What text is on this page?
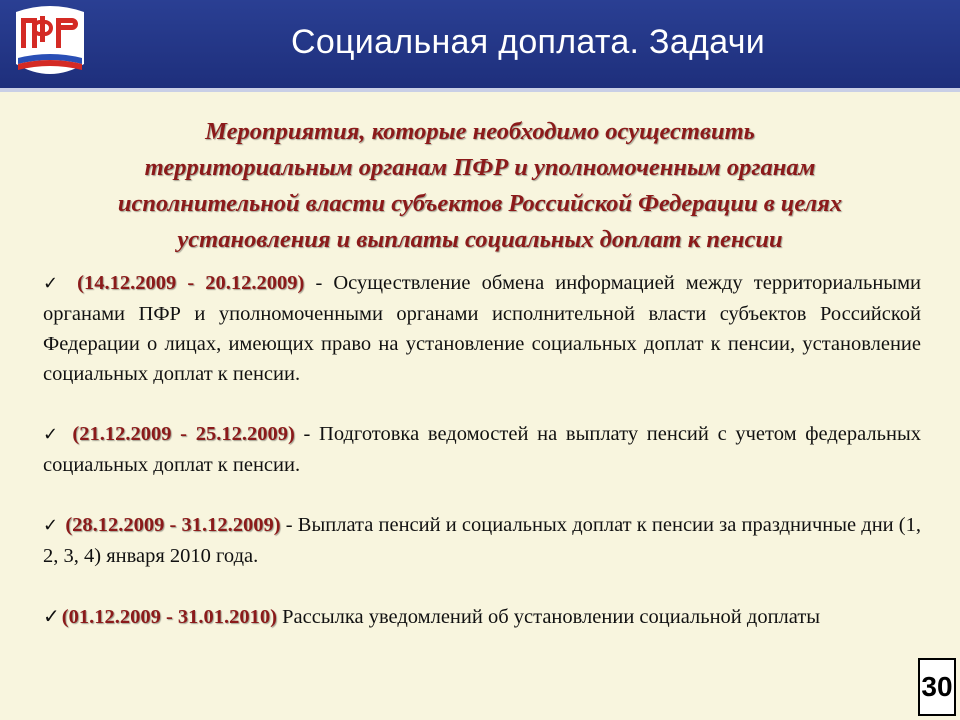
Социальная доплата. Задачи
Мероприятия, которые необходимо осуществить
территориальным органам ПФР и уполномоченным органам
исполнительной власти субъектов Российской Федерации в целях
установления и выплаты социальных доплат к пенсии

✓ (14.12.2009 - 20.12.2009) - Осуществление обмена информацией между территориальными органами ПФР и уполномоченными органами исполнительной власти субъектов Российской Федерации о лицах, имеющих право на установление социальных доплат к пенсии, установление социальных доплат к пенсии.

✓ (21.12.2009 - 25.12.2009) - Подготовка ведомостей на выплату пенсий с учетом федеральных социальных доплат к пенсии.

✓ (28.12.2009 - 31.12.2009) - Выплата пенсий и социальных доплат к пенсии за праздничные дни (1, 2, 3, 4) января 2010 года.

✓(01.12.2009 - 31.01.2010) Рассылка уведомлений об установлении социальной доплаты

30
